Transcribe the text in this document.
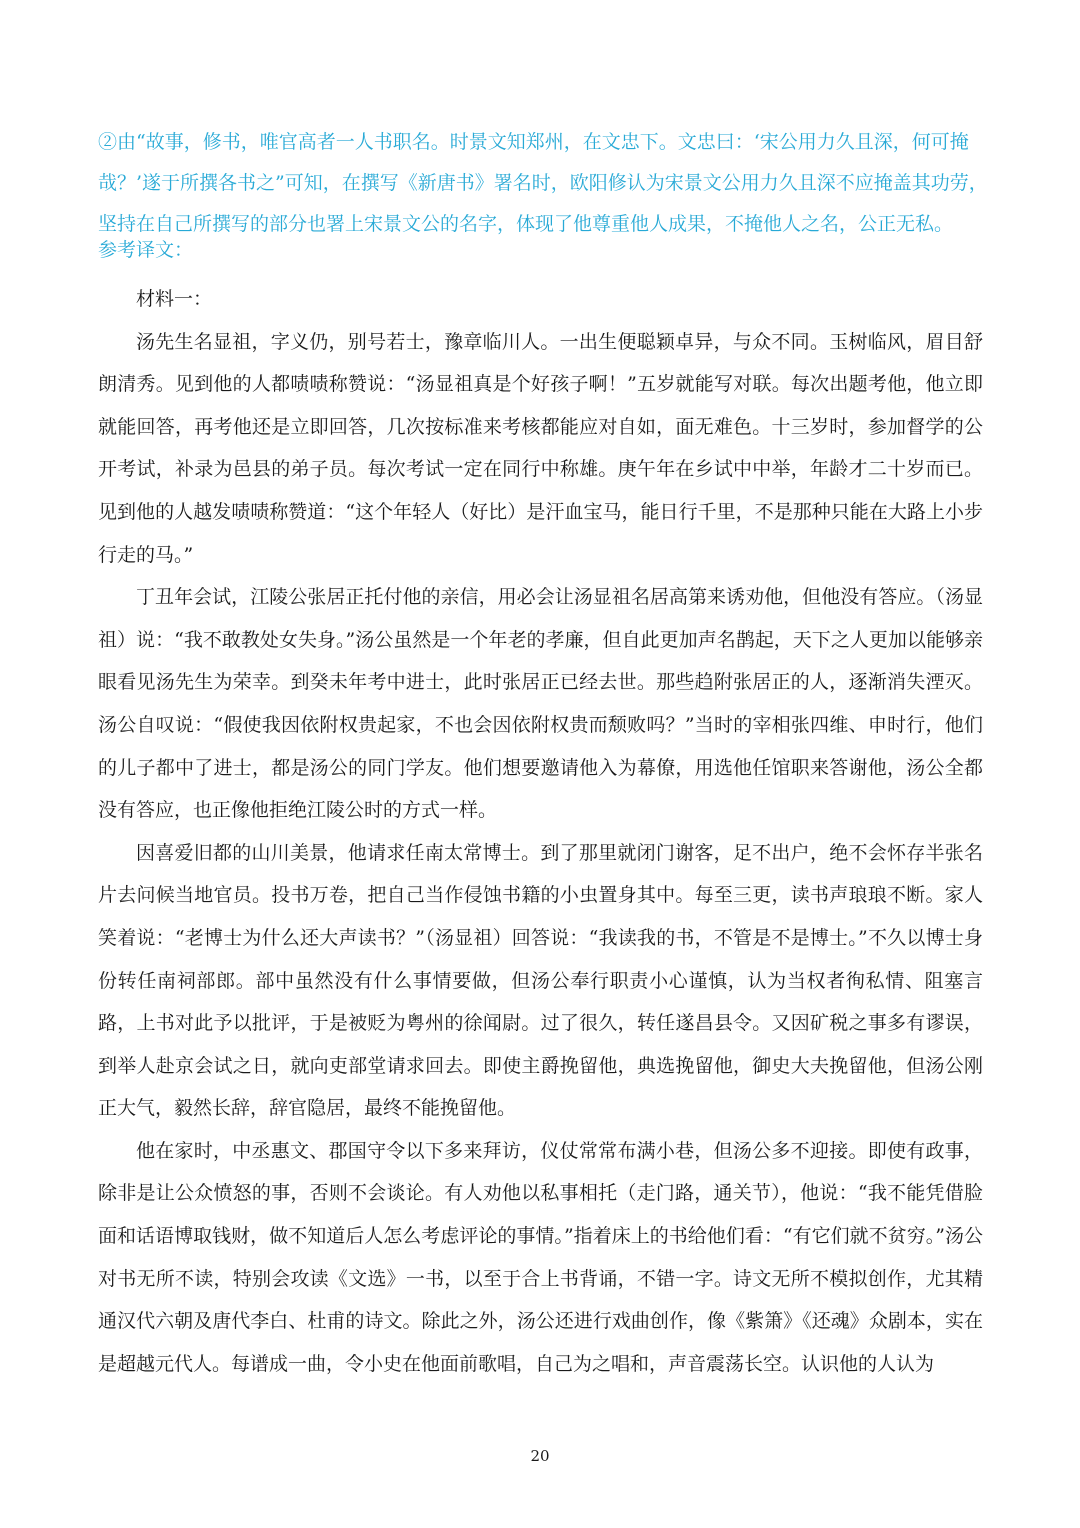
②由“故事，修书，唯官高者一人书职名。时景文知郑州，在文忠下。文忠曰：‘宋公用力久且深，何可掩哉？’遂于所撰各书之”可知，在撰写《新唐书》署名时，欧阳修认为宋景文公用力久且深不应掩盖其功劳，坚持在自己所撰写的部分也署上宋景文公的名字，体现了他尊重他人成果，不掩他人之名，公正无私。

参考译文：

材料一：

汤先生名显祖，字义仍，别号若士，豫章临川人。一出生便聪颖卓异，与众不同。玉树临风，眉目舒朗清秀。见到他的人都啧啧称赞说：“汤显祖真是个好孩子啊！”五岁就能写对联。每次出题考他，他立即就能回答，再考他还是立即回答，几次按标准来考核都能应对自如，面无难色。十三岁时，参加督学的公开考试，补录为邑县的弟子员。每次考试一定在同行中称雄。庚午年在乡试中中举，年龄才二十岁而已。见到他的人越发啧啧称赞道：“这个年轻人（好比）是汗血宝马，能日行千里，不是那种只能在大路上小步行走的马。”

丁丑年会试，江陵公张居正托付他的亲信，用必会让汤显祖名居高第来诱劝他，但他没有答应。（汤显祖）说：“我不敢教处女失身。”汤公虽然是一个年老的孝廉，但自此更加声名鹊起，天下之人更加以能够亲眼看见汤先生为荣幸。到癸未年考中进士，此时张居正已经去世。那些趋附张居正的人，逐渐消失湮灭。汤公自叹说：“假使我因依附权贵起家，不也会因依附权贵而颓败吗？”当时的宰相张四维、申时行，他们的儿子都中了进士，都是汤公的同门学友。他们想要邀请他入为幕僚，用选他任馆职来答谢他，汤公全都没有答应，也正像他拒绝江陵公时的方式一样。

因喜爱旧都的山川美景，他请求任南太常博士。到了那里就闭门谢客，足不出户，绝不会怀存半张名片去问候当地官员。投书万卷，把自己当作侵蚀书籍的小虫置身其中。每至三更，读书声琅琅不断。家人笑着说：“老博士为什么还大声读书？”（汤显祖）回答说：“我读我的书，不管是不是博士。”不久以博士身份转任南祠部郎。部中虽然没有什么事情要做，但汤公奉行职责小心谨慎，认为当权者徇私情、阻塞言路，上书对此予以批评，于是被贬为粤州的徐闻尉。过了很久，转任遂昌县令。又因矿税之事多有谬误，到举人赴京会试之日，就向吏部堂请求回去。即使主爵挽留他，典选挽留他，御史大夫挽留他，但汤公刚正大气，毅然长辞，辞官隐居，最终不能挽留他。

他在家时，中丞惠文、郡国守令以下多来拜访，仪仗常常布满小巷，但汤公多不迎接。即使有政事，除非是让公众愤怒的事，否则不会谈论。有人劝他以私事相托（走门路，通关节），他说：“我不能凭借脸面和话语博取钱财，做不知道后人怎么考虑评论的事情。”指着床上的书给他们看：“有它们就不贫穷。”汤公对书无所不读，特别会攻读《文选》一书，以至于合上书背诵，不错一字。诗文无所不模拟创作，尤其精通汉代六朝及唐代李白、杜甫的诗文。除此之外，汤公还进行戏曲创作，像《紫箫》《还魂》众剧本，实在是超越元代人。每谱成一曲，令小史在他面前歌唱，自己为之唱和，声音震荡长空。认识他的人认为

20
